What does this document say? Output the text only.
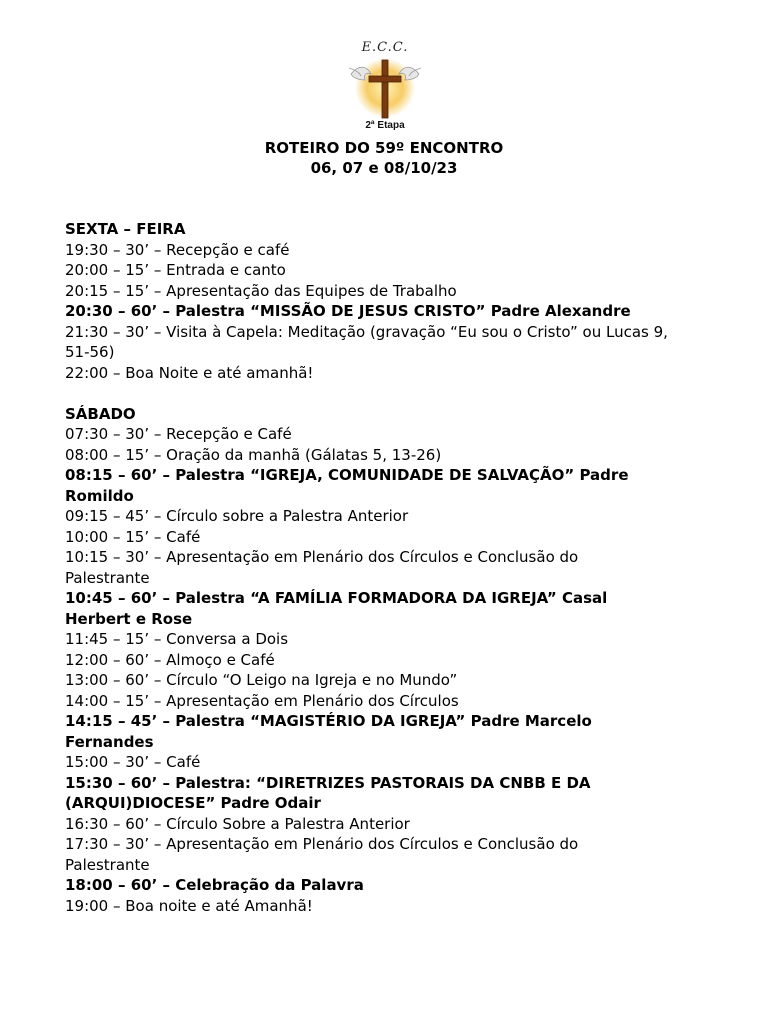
E.C.C.
2ª Etapa
ROTEIRO DO 59º ENCONTRO
06, 07 e 08/10/23
SEXTA – FEIRA
19:30 – 30’ – Recepção e café
20:00 – 15’ – Entrada e canto
20:15 – 15’ – Apresentação das Equipes de Trabalho
20:30 – 60’ – Palestra “MISSÃO DE JESUS CRISTO” Padre Alexandre
21:30 – 30’ – Visita à Capela: Meditação (gravação “Eu sou o Cristo” ou Lucas 9,
51-56)
22:00 – Boa Noite e até amanhã!
SÁBADO
07:30 – 30’ – Recepção e Café
08:00 – 15’ – Oração da manhã (Gálatas 5, 13-26)
08:15 – 60’ – Palestra “IGREJA, COMUNIDADE DE SALVAÇÃO” Padre
Romildo
09:15 – 45’ – Círculo sobre a Palestra Anterior
10:00 – 15’ – Café
10:15 – 30’ – Apresentação em Plenário dos Círculos e Conclusão do
Palestrante
10:45 – 60’ – Palestra “A FAMÍLIA FORMADORA DA IGREJA” Casal
Herbert e Rose
11:45 – 15’ – Conversa a Dois
12:00 – 60’ – Almoço e Café
13:00 – 60’ – Círculo “O Leigo na Igreja e no Mundo”
14:00 – 15’ – Apresentação em Plenário dos Círculos
14:15 – 45’ – Palestra “MAGISTÉRIO DA IGREJA” Padre Marcelo
Fernandes
15:00 – 30’ – Café
15:30 – 60’ – Palestra: “DIRETRIZES PASTORAIS DA CNBB E DA
(ARQUI)DIOCESE” Padre Odair
16:30 – 60’ – Círculo Sobre a Palestra Anterior
17:30 – 30’ – Apresentação em Plenário dos Círculos e Conclusão do
Palestrante
18:00 – 60’ – Celebração da Palavra
19:00 – Boa noite e até Amanhã!
